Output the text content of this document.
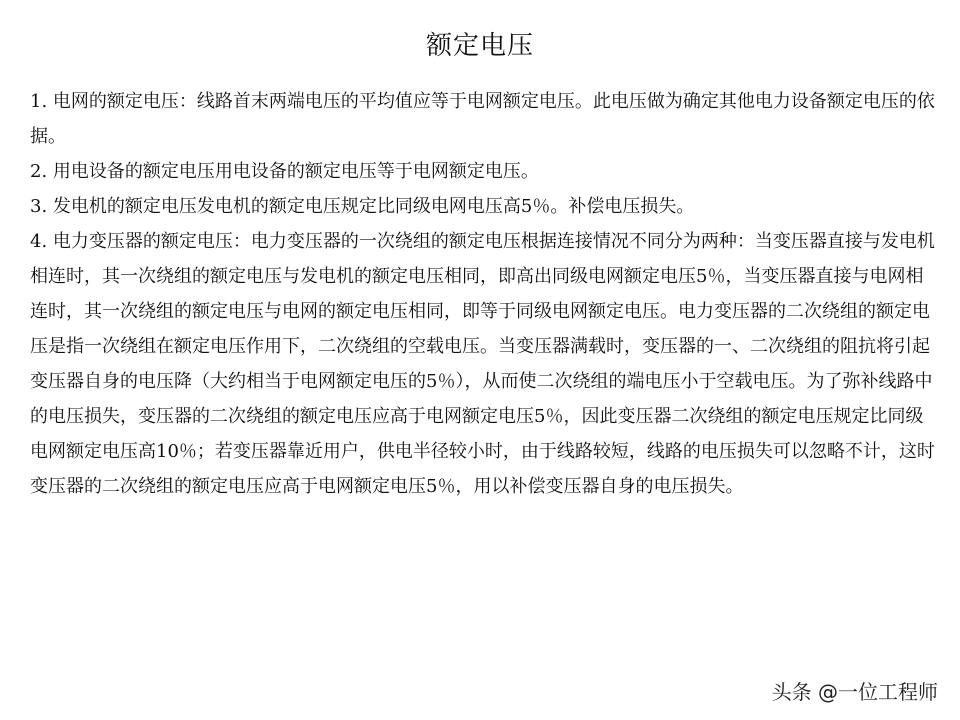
额定电压

1. 电网的额定电压：线路首末两端电压的平均值应等于电网额定电压。此电压做为确定其他电力设备额定电压的依据。

2. 用电设备的额定电压用电设备的额定电压等于电网额定电压。

3. 发电机的额定电压发电机的额定电压规定比同级电网电压高5％。补偿电压损失。

4. 电力变压器的额定电压：电力变压器的一次绕组的额定电压根据连接情况不同分为两种：当变压器直接与发电机相连时，其一次绕组的额定电压与发电机的额定电压相同，即高出同级电网额定电压5％，当变压器直接与电网相连时，其一次绕组的额定电压与电网的额定电压相同，即等于同级电网额定电压。电力变压器的二次绕组的额定电压是指一次绕组在额定电压作用下，二次绕组的空载电压。当变压器满载时，变压器的一、二次绕组的阻抗将引起变压器自身的电压降（大约相当于电网额定电压的5％），从而使二次绕组的端电压小于空载电压。为了弥补线路中的电压损失，变压器的二次绕组的额定电压应高于电网额定电压5％，因此变压器二次绕组的额定电压规定比同级电网额定电压高10％；若变压器靠近用户，供电半径较小时，由于线路较短，线路的电压损失可以忽略不计，这时变压器的二次绕组的额定电压应高于电网额定电压5％，用以补偿变压器自身的电压损失。

头条 @一位工程师
